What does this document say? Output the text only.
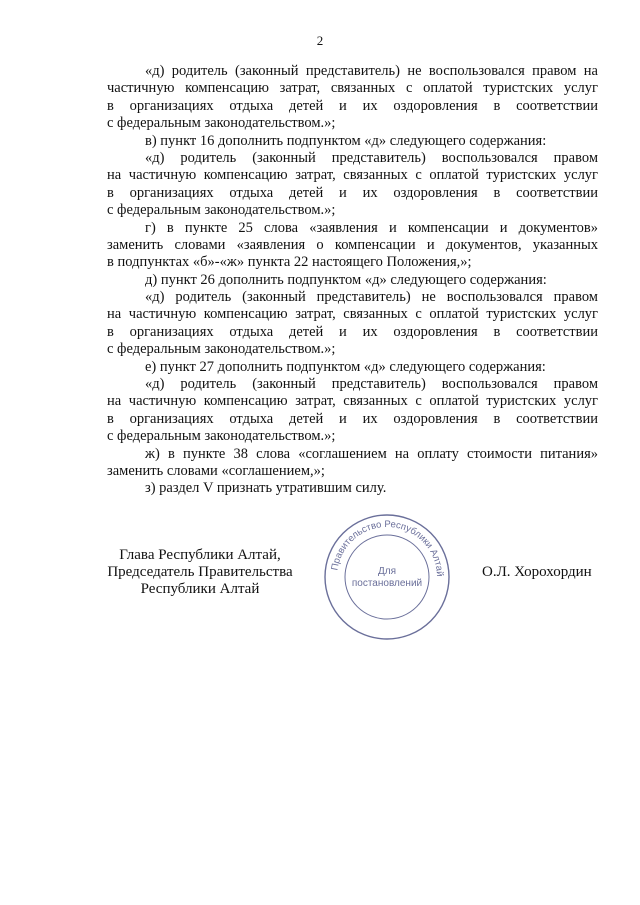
2
«д) родитель (законный представитель) не воспользовался правом на
частичную компенсацию затрат, связанных с оплатой туристских услуг
в организациях отдыха детей и их оздоровления в соответствии
с федеральным законодательством.»;
в) пункт 16 дополнить подпунктом «д» следующего содержания:
«д) родитель (законный представитель) воспользовался правом
на частичную компенсацию затрат, связанных с оплатой туристских услуг
в организациях отдыха детей и их оздоровления в соответствии
с федеральным законодательством.»;
г) в пункте 25 слова «заявления и компенсации и документов»
заменить словами «заявления о компенсации и документов, указанных
в подпунктах «б»-«ж» пункта 22 настоящего Положения,»;
д) пункт 26 дополнить подпунктом «д» следующего содержания:
«д) родитель (законный представитель) не воспользовался правом
на частичную компенсацию затрат, связанных с оплатой туристских услуг
в организациях отдыха детей и их оздоровления в соответствии
с федеральным законодательством.»;
е) пункт 27 дополнить подпунктом «д» следующего содержания:
«д) родитель (законный представитель) воспользовался правом
на частичную компенсацию затрат, связанных с оплатой туристских услуг
в организациях отдыха детей и их оздоровления в соответствии
с федеральным законодательством.»;
ж) в пункте 38 слова «соглашением на оплату стоимости питания»
заменить словами «соглашением,»;
з) раздел V признать утратившим силу.
Глава Республики Алтай,
Председатель Правительства
Республики Алтай
Правительство Республики Алтай
Для
постановлений
О.Л. Хорохордин
